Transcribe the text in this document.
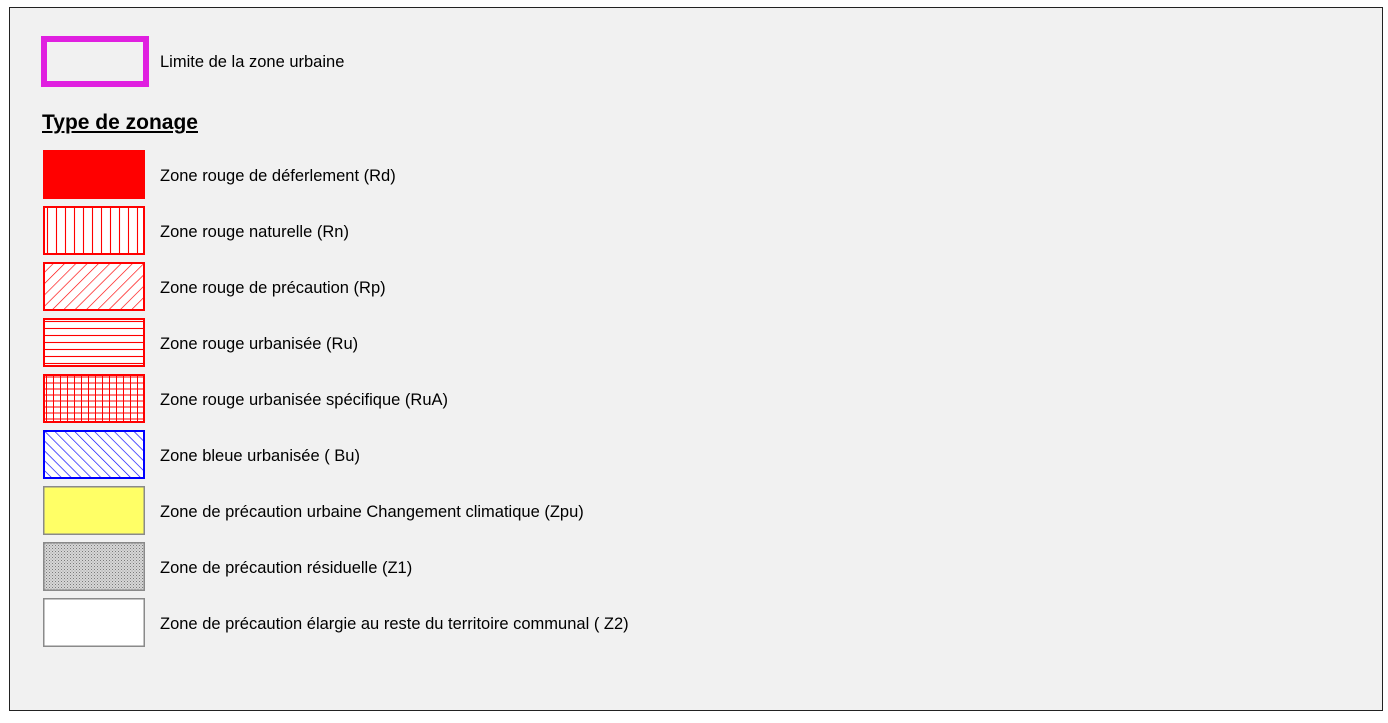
Limite de la zone urbaine
Type de zonage
Zone rouge de déferlement (Rd)
Zone rouge naturelle (Rn)
Zone rouge de précaution (Rp)
Zone rouge urbanisée (Ru)
Zone rouge urbanisée spécifique (RuA)
Zone bleue urbanisée ( Bu)
Zone de précaution urbaine Changement climatique (Zpu)
Zone de précaution résiduelle (Z1)
Zone de précaution élargie au reste du territoire communal ( Z2)
